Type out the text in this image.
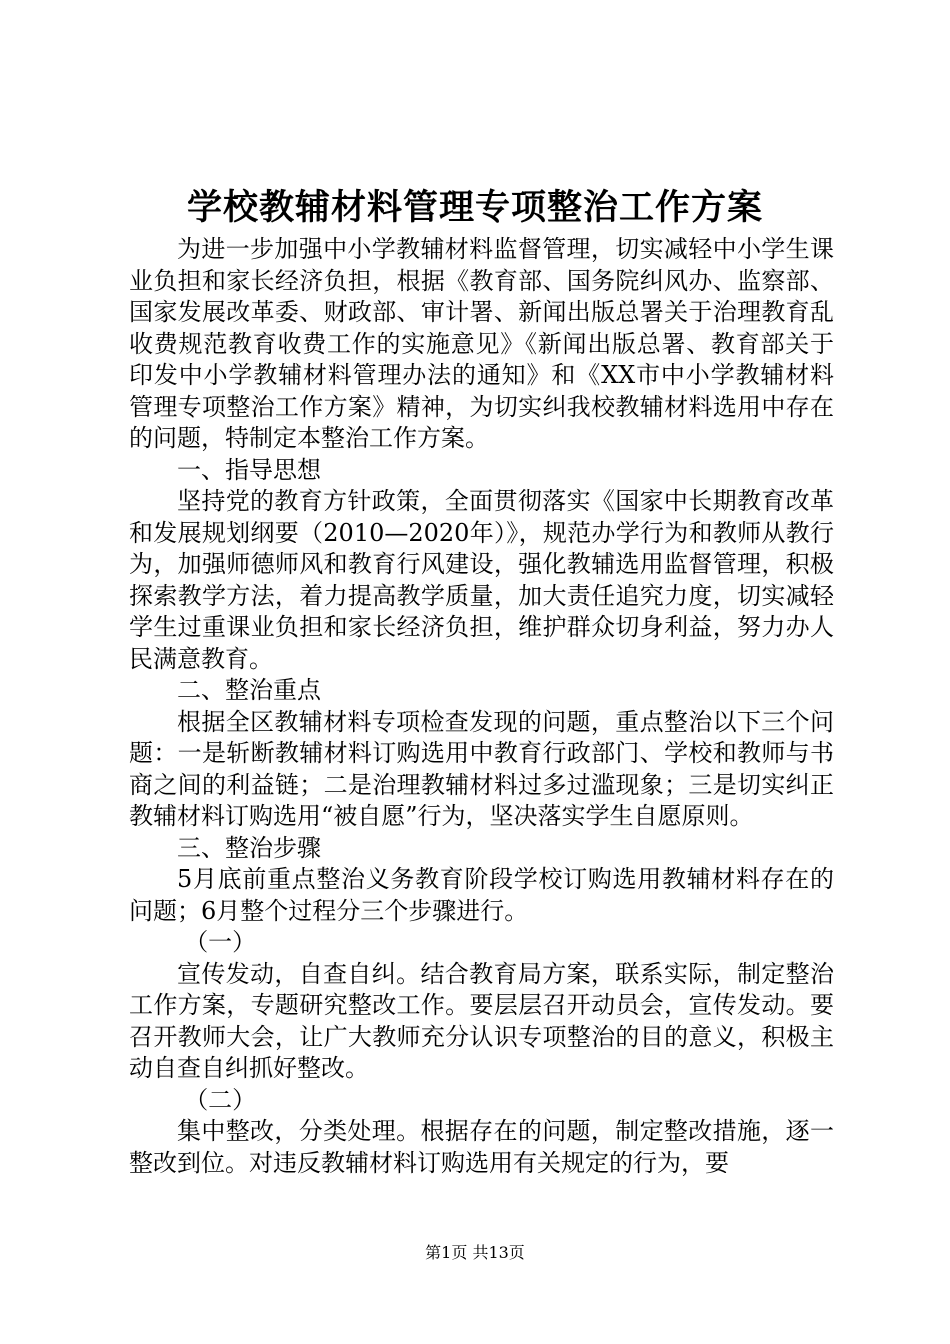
学校教辅材料管理专项整治工作方案

为进一步加强中小学教辅材料监督管理，切实减轻中小学生课业负担和家长经济负担，根据《教育部、国务院纠风办、监察部、国家发展改革委、财政部、审计署、新闻出版总署关于治理教育乱收费规范教育收费工作的实施意见》《新闻出版总署、教育部关于印发中小学教辅材料管理办法的通知》和《XX市中小学教辅材料管理专项整治工作方案》精神，为切实纠我校教辅材料选用中存在的问题，特制定本整治工作方案。

一、指导思想

坚持党的教育方针政策，全面贯彻落实《国家中长期教育改革和发展规划纲要（2010—2020年）》，规范办学行为和教师从教行为，加强师德师风和教育行风建设，强化教辅选用监督管理，积极探索教学方法，着力提高教学质量，加大责任追究力度，切实减轻学生过重课业负担和家长经济负担，维护群众切身利益，努力办人民满意教育。

二、整治重点

根据全区教辅材料专项检查发现的问题，重点整治以下三个问题：一是斩断教辅材料订购选用中教育行政部门、学校和教师与书商之间的利益链；二是治理教辅材料过多过滥现象；三是切实纠正教辅材料订购选用“被自愿”行为，坚决落实学生自愿原则。

三、整治步骤

5月底前重点整治义务教育阶段学校订购选用教辅材料存在的问题；6月整个过程分三个步骤进行。

（一）

宣传发动，自查自纠。结合教育局方案，联系实际，制定整治工作方案，专题研究整改工作。要层层召开动员会，宣传发动。要召开教师大会，让广大教师充分认识专项整治的目的意义，积极主动自查自纠抓好整改。

（二）

集中整改，分类处理。根据存在的问题，制定整改措施，逐一整改到位。对违反教辅材料订购选用有关规定的行为，要

第1页 共13页
